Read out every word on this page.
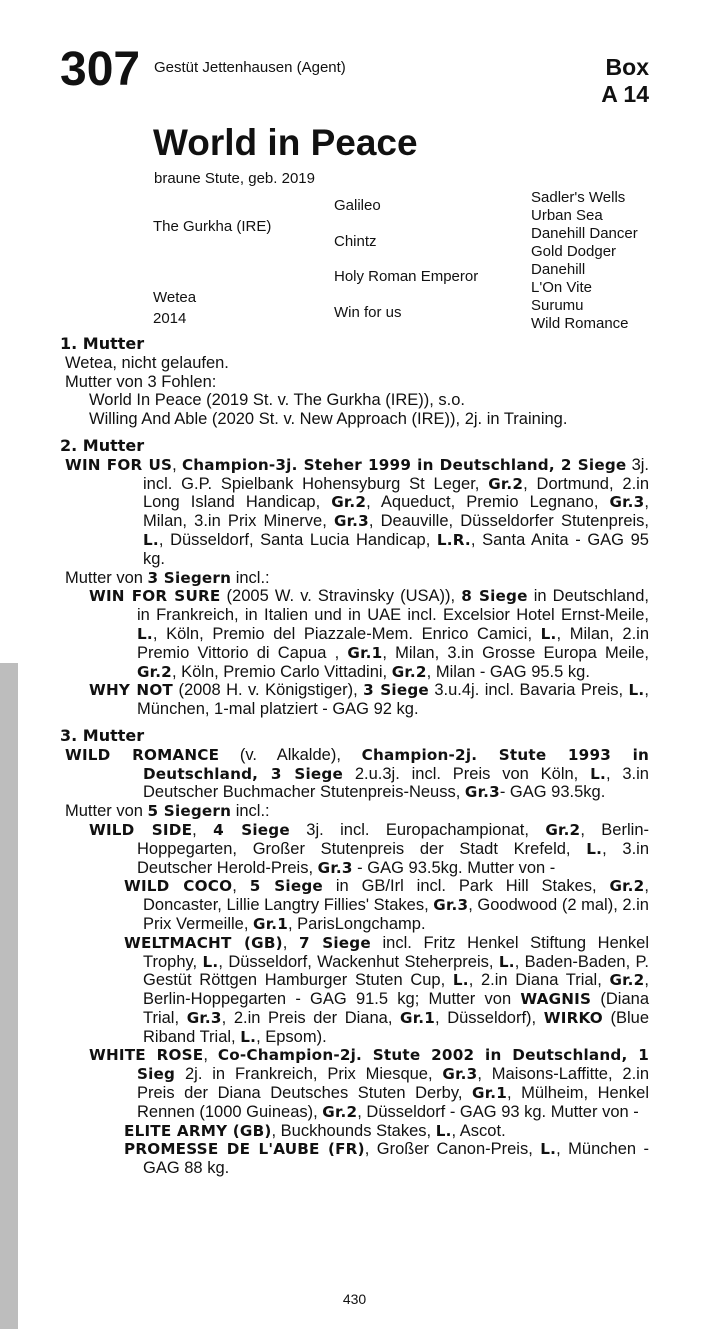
307 Gestüt Jettenhausen (Agent)	Box
A 14
World in Peace
braune Stute, geb. 2019
The Gurkha (IRE)
Wetea
2014
Galileo
Chintz
Holy Roman Emperor
Win for us
Sadler's Wells
Urban Sea
Danehill Dancer
Gold Dodger
Danehill
L'On Vite
Surumu
Wild Romance
1. Mutter
Wetea, nicht gelaufen.
Mutter von 3 Fohlen:
World In Peace (2019 St. v. The Gurkha (IRE)), s.o.
Willing And Able (2020 St. v. New Approach (IRE)), 2j. in Training.
2. Mutter
WIN FOR US, Champion-3j. Steher 1999 in Deutschland, 2 Siege 3j. incl. G.P. Spielbank Hohensyburg St Leger, Gr.2, Dortmund, 2.in Long Island Handicap, Gr.2, Aqueduct, Premio Legnano, Gr.3, Milan, 3.in Prix Minerve, Gr.3, Deauville, Düsseldorfer Stutenpreis, L., Düsseldorf, Santa Lucia Handicap, L.R., Santa Anita - GAG 95 kg.
Mutter von 3 Siegern incl.:
WIN FOR SURE (2005 W. v. Stravinsky (USA)), 8 Siege in Deutschland, in Frankreich, in Italien und in UAE incl. Excelsior Hotel Ernst-Meile, L., Köln, Premio del Piazzale-Mem. Enrico Camici, L., Milan, 2.in Premio Vittorio di Capua , Gr.1, Milan, 3.in Grosse Europa Meile, Gr.2, Köln, Premio Carlo Vittadini, Gr.2, Milan - GAG 95.5 kg.
WHY NOT (2008 H. v. Königstiger), 3 Siege 3.u.4j. incl. Bavaria Preis, L., München, 1-mal platziert - GAG 92 kg.
3. Mutter
WILD ROMANCE (v. Alkalde), Champion-2j. Stute 1993 in Deutschland, 3 Siege 2.u.3j. incl. Preis von Köln, L., 3.in Deutscher Buchmacher Stutenpreis-Neuss, Gr.3- GAG 93.5kg.
Mutter von 5 Siegern incl.:
WILD SIDE, 4 Siege 3j. incl. Europachampionat, Gr.2, Berlin-Hoppegarten, Großer Stutenpreis der Stadt Krefeld, L., 3.in Deutscher Herold-Preis, Gr.3 - GAG 93.5kg. Mutter von -
WILD COCO, 5 Siege in GB/Irl incl. Park Hill Stakes, Gr.2, Doncaster, Lillie Langtry Fillies' Stakes, Gr.3, Goodwood (2 mal), 2.in Prix Vermeille, Gr.1, ParisLongchamp.
WELTMACHT (GB), 7 Siege incl. Fritz Henkel Stiftung Henkel Trophy, L., Düsseldorf, Wackenhut Steherpreis, L., Baden-Baden, P. Gestüt Röttgen Hamburger Stuten Cup, L., 2.in Diana Trial, Gr.2, Berlin-Hoppegarten - GAG 91.5 kg; Mutter von WAGNIS (Diana Trial, Gr.3, 2.in Preis der Diana, Gr.1, Düsseldorf), WIRKO (Blue Riband Trial, L., Epsom).
WHITE ROSE, Co-Champion-2j. Stute 2002 in Deutschland, 1 Sieg 2j. in Frankreich, Prix Miesque, Gr.3, Maisons-Laffitte, 2.in Preis der Diana Deutsches Stuten Derby, Gr.1, Mülheim, Henkel Rennen (1000 Guineas), Gr.2, Düsseldorf - GAG 93 kg. Mutter von -
ELITE ARMY (GB), Buckhounds Stakes, L., Ascot.
PROMESSE DE L'AUBE (FR), Großer Canon-Preis, L., München - GAG 88 kg.
430
